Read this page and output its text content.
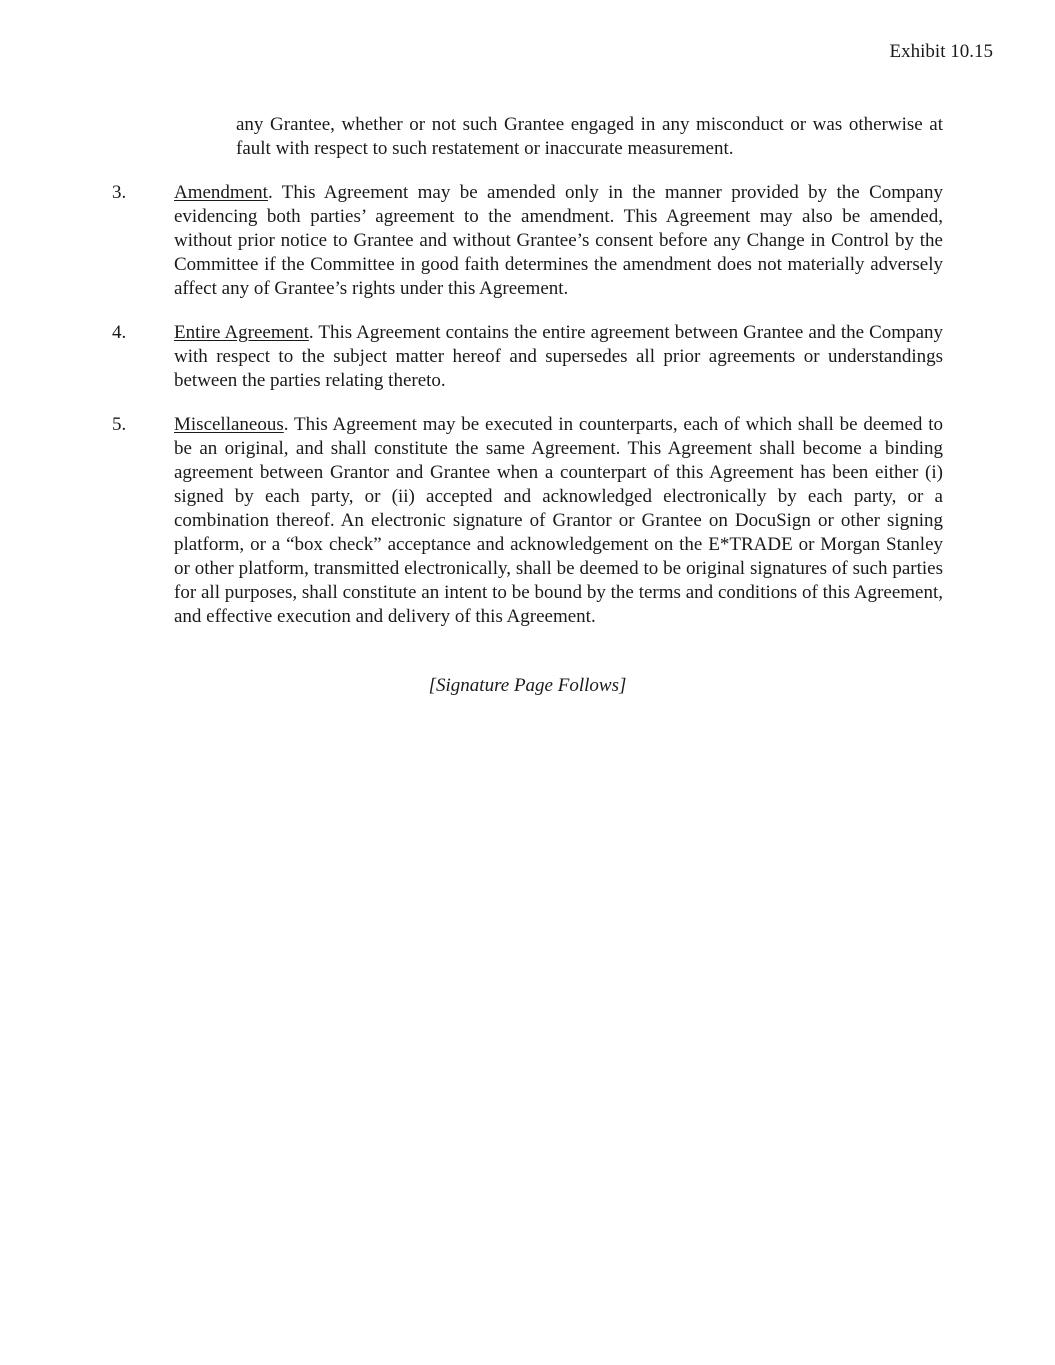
Exhibit 10.15
any Grantee, whether or not such Grantee engaged in any misconduct or was otherwise at fault with respect to such restatement or inaccurate measurement.
3.	Amendment. This Agreement may be amended only in the manner provided by the Company evidencing both parties’ agreement to the amendment. This Agreement may also be amended, without prior notice to Grantee and without Grantee’s consent before any Change in Control by the Committee if the Committee in good faith determines the amendment does not materially adversely affect any of Grantee’s rights under this Agreement.
4.	Entire Agreement. This Agreement contains the entire agreement between Grantee and the Company with respect to the subject matter hereof and supersedes all prior agreements or understandings between the parties relating thereto.
5.	Miscellaneous. This Agreement may be executed in counterparts, each of which shall be deemed to be an original, and shall constitute the same Agreement. This Agreement shall become a binding agreement between Grantor and Grantee when a counterpart of this Agreement has been either (i) signed by each party, or (ii) accepted and acknowledged electronically by each party, or a combination thereof. An electronic signature of Grantor or Grantee on DocuSign or other signing platform, or a “box check” acceptance and acknowledgement on the E*TRADE or Morgan Stanley or other platform, transmitted electronically, shall be deemed to be original signatures of such parties for all purposes, shall constitute an intent to be bound by the terms and conditions of this Agreement, and effective execution and delivery of this Agreement.
[Signature Page Follows]
